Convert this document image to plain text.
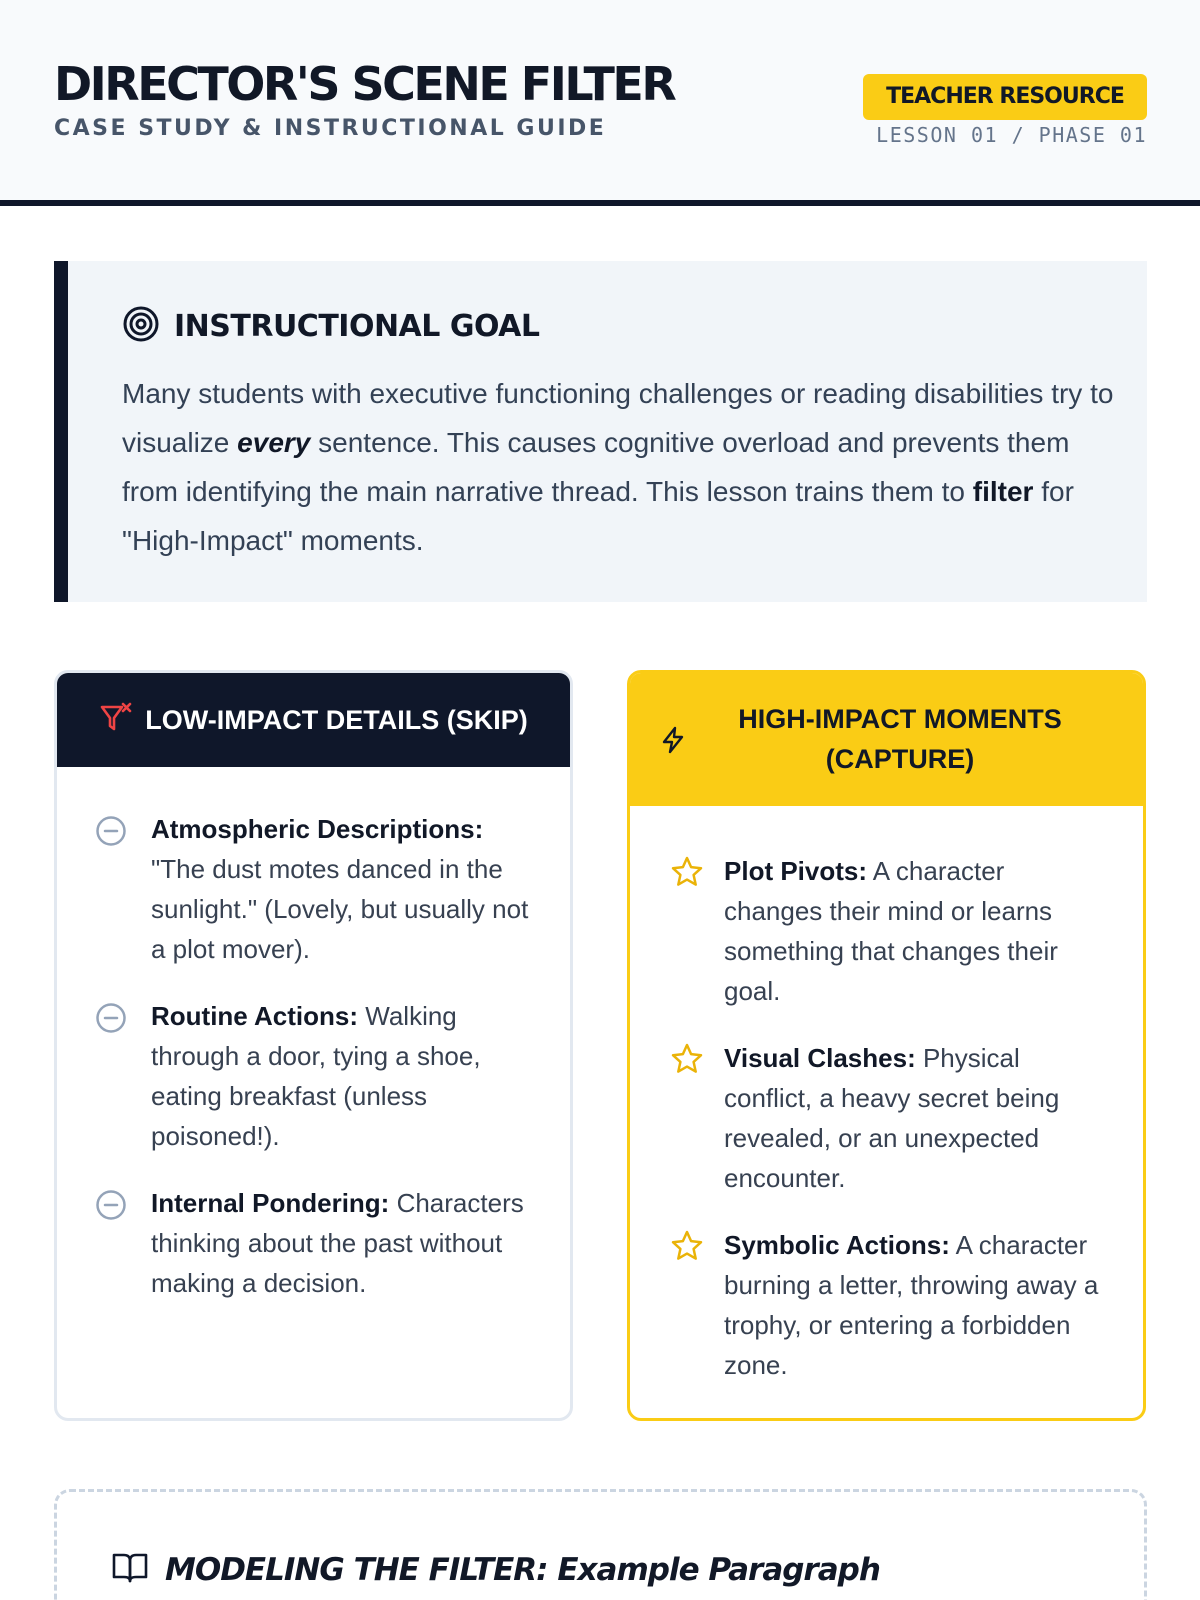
DIRECTOR'S SCENE FILTER
CASE STUDY & INSTRUCTIONAL GUIDE
TEACHER RESOURCE
LESSON 01 / PHASE 01
INSTRUCTIONAL GOAL

Many students with executive functioning challenges or reading disabilities try to visualize every sentence. This causes cognitive overload and prevents them from identifying the main narrative thread. This lesson trains them to filter for "High-Impact" moments.

LOW-IMPACT DETAILS (SKIP)
Atmospheric Descriptions: "The dust motes danced in the sunlight." (Lovely, but usually not a plot mover).
Routine Actions: Walking through a door, tying a shoe, eating breakfast (unless poisoned!).
Internal Pondering: Characters thinking about the past without making a decision.
HIGH-IMPACT MOMENTS (CAPTURE)
Plot Pivots: A character changes their mind or learns something that changes their goal.
Visual Clashes: Physical conflict, a heavy secret being revealed, or an unexpected encounter.
Symbolic Actions: A character burning a letter, throwing away a trophy, or entering a forbidden zone.
MODELING THE FILTER: Example Paragraph
